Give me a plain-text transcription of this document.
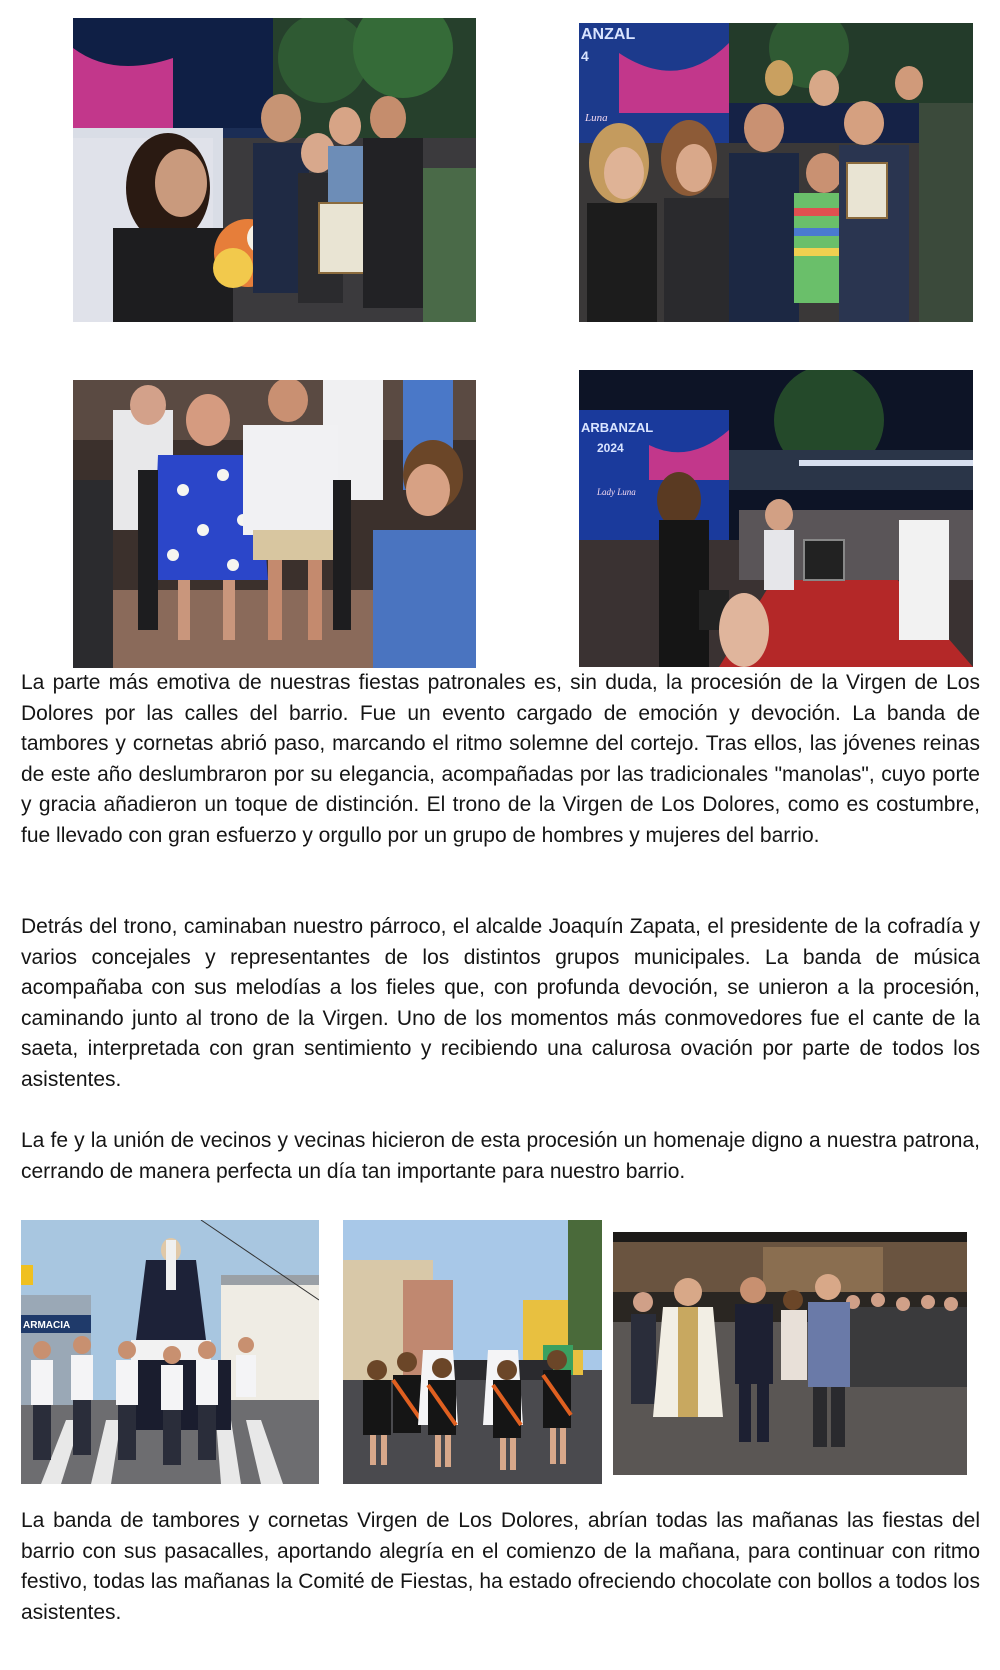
ANZAL
4
Luna
ARBANZAL
2024
Lady Luna

La parte más emotiva de nuestras fiestas patronales es, sin duda, la procesión de la Virgen de Los Dolores por las calles del barrio. Fue un evento cargado de emoción y devoción. La banda de tambores y cornetas abrió paso, marcando el ritmo solemne del cortejo. Tras ellos, las jóvenes reinas de este año deslumbraron por su elegancia, acompañadas por las tradicionales "manolas", cuyo porte y gracia añadieron un toque de distinción. El trono de la Virgen de Los Dolores, como es costumbre, fue llevado con gran esfuerzo y orgullo por un grupo de hombres y mujeres del barrio.

Detrás del trono, caminaban nuestro párroco, el alcalde Joaquín Zapata, el presidente de la cofradía y varios concejales y representantes de los distintos grupos municipales. La banda de música acompañaba con sus melodías a los fieles que, con profunda devoción, se unieron a la procesión, caminando junto al trono de la Virgen. Uno de los momentos más conmovedores fue el cante de la saeta, interpretada con gran sentimiento y recibiendo una calurosa ovación por parte de todos los asistentes.

La fe y la unión de vecinos y vecinas hicieron de esta procesión un homenaje digno a nuestra patrona, cerrando de manera perfecta un día tan importante para nuestro barrio.

ARMACIA

La banda de tambores y cornetas Virgen de Los Dolores, abrían todas las mañanas las fiestas del barrio con sus pasacalles, aportando alegría en el comienzo de la mañana, para continuar con ritmo festivo, todas las mañanas la Comité de Fiestas, ha estado ofreciendo chocolate con bollos a todos los asistentes.
